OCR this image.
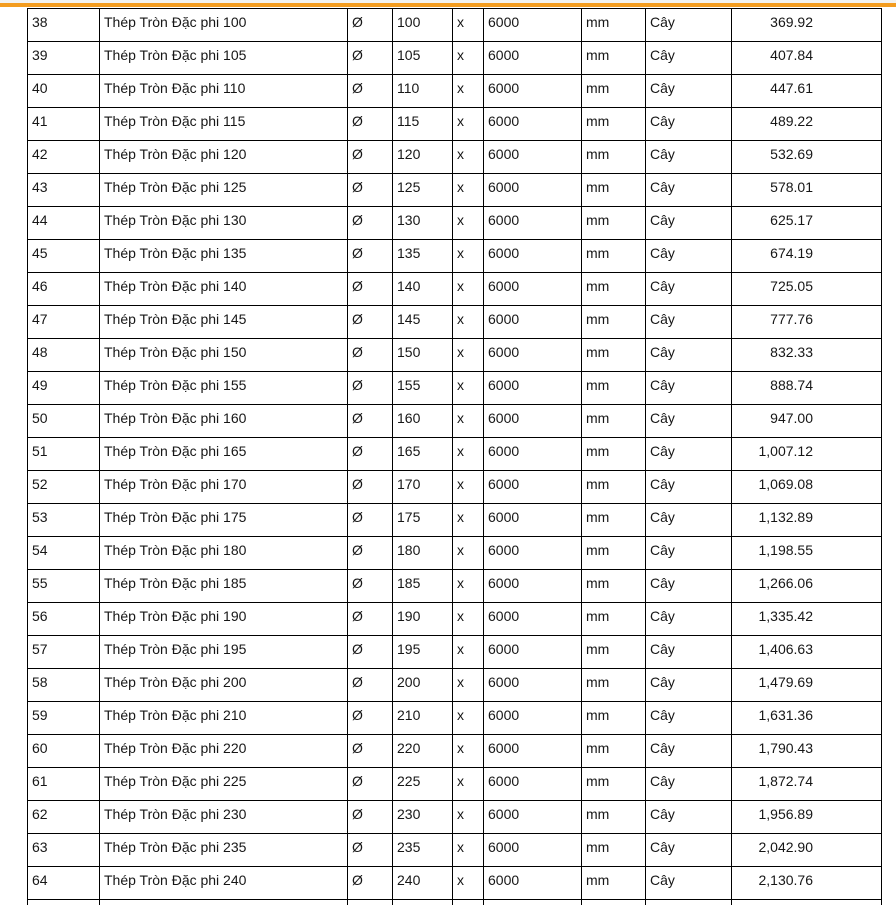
38	Thép Tròn Đặc phi 100	Ø	100	x	6000	mm	Cây	369.92
39	Thép Tròn Đặc phi 105	Ø	105	x	6000	mm	Cây	407.84
40	Thép Tròn Đặc phi 110	Ø	110	x	6000	mm	Cây	447.61
41	Thép Tròn Đặc phi 115	Ø	115	x	6000	mm	Cây	489.22
42	Thép Tròn Đặc phi 120	Ø	120	x	6000	mm	Cây	532.69
43	Thép Tròn Đặc phi 125	Ø	125	x	6000	mm	Cây	578.01
44	Thép Tròn Đặc phi 130	Ø	130	x	6000	mm	Cây	625.17
45	Thép Tròn Đặc phi 135	Ø	135	x	6000	mm	Cây	674.19
46	Thép Tròn Đặc phi 140	Ø	140	x	6000	mm	Cây	725.05
47	Thép Tròn Đặc phi 145	Ø	145	x	6000	mm	Cây	777.76
48	Thép Tròn Đặc phi 150	Ø	150	x	6000	mm	Cây	832.33
49	Thép Tròn Đặc phi 155	Ø	155	x	6000	mm	Cây	888.74
50	Thép Tròn Đặc phi 160	Ø	160	x	6000	mm	Cây	947.00
51	Thép Tròn Đặc phi 165	Ø	165	x	6000	mm	Cây	1,007.12
52	Thép Tròn Đặc phi 170	Ø	170	x	6000	mm	Cây	1,069.08
53	Thép Tròn Đặc phi 175	Ø	175	x	6000	mm	Cây	1,132.89
54	Thép Tròn Đặc phi 180	Ø	180	x	6000	mm	Cây	1,198.55
55	Thép Tròn Đặc phi 185	Ø	185	x	6000	mm	Cây	1,266.06
56	Thép Tròn Đặc phi 190	Ø	190	x	6000	mm	Cây	1,335.42
57	Thép Tròn Đặc phi 195	Ø	195	x	6000	mm	Cây	1,406.63
58	Thép Tròn Đặc phi 200	Ø	200	x	6000	mm	Cây	1,479.69
59	Thép Tròn Đặc phi 210	Ø	210	x	6000	mm	Cây	1,631.36
60	Thép Tròn Đặc phi 220	Ø	220	x	6000	mm	Cây	1,790.43
61	Thép Tròn Đặc phi 225	Ø	225	x	6000	mm	Cây	1,872.74
62	Thép Tròn Đặc phi 230	Ø	230	x	6000	mm	Cây	1,956.89
63	Thép Tròn Đặc phi 235	Ø	235	x	6000	mm	Cây	2,042.90
64	Thép Tròn Đặc phi 240	Ø	240	x	6000	mm	Cây	2,130.76
